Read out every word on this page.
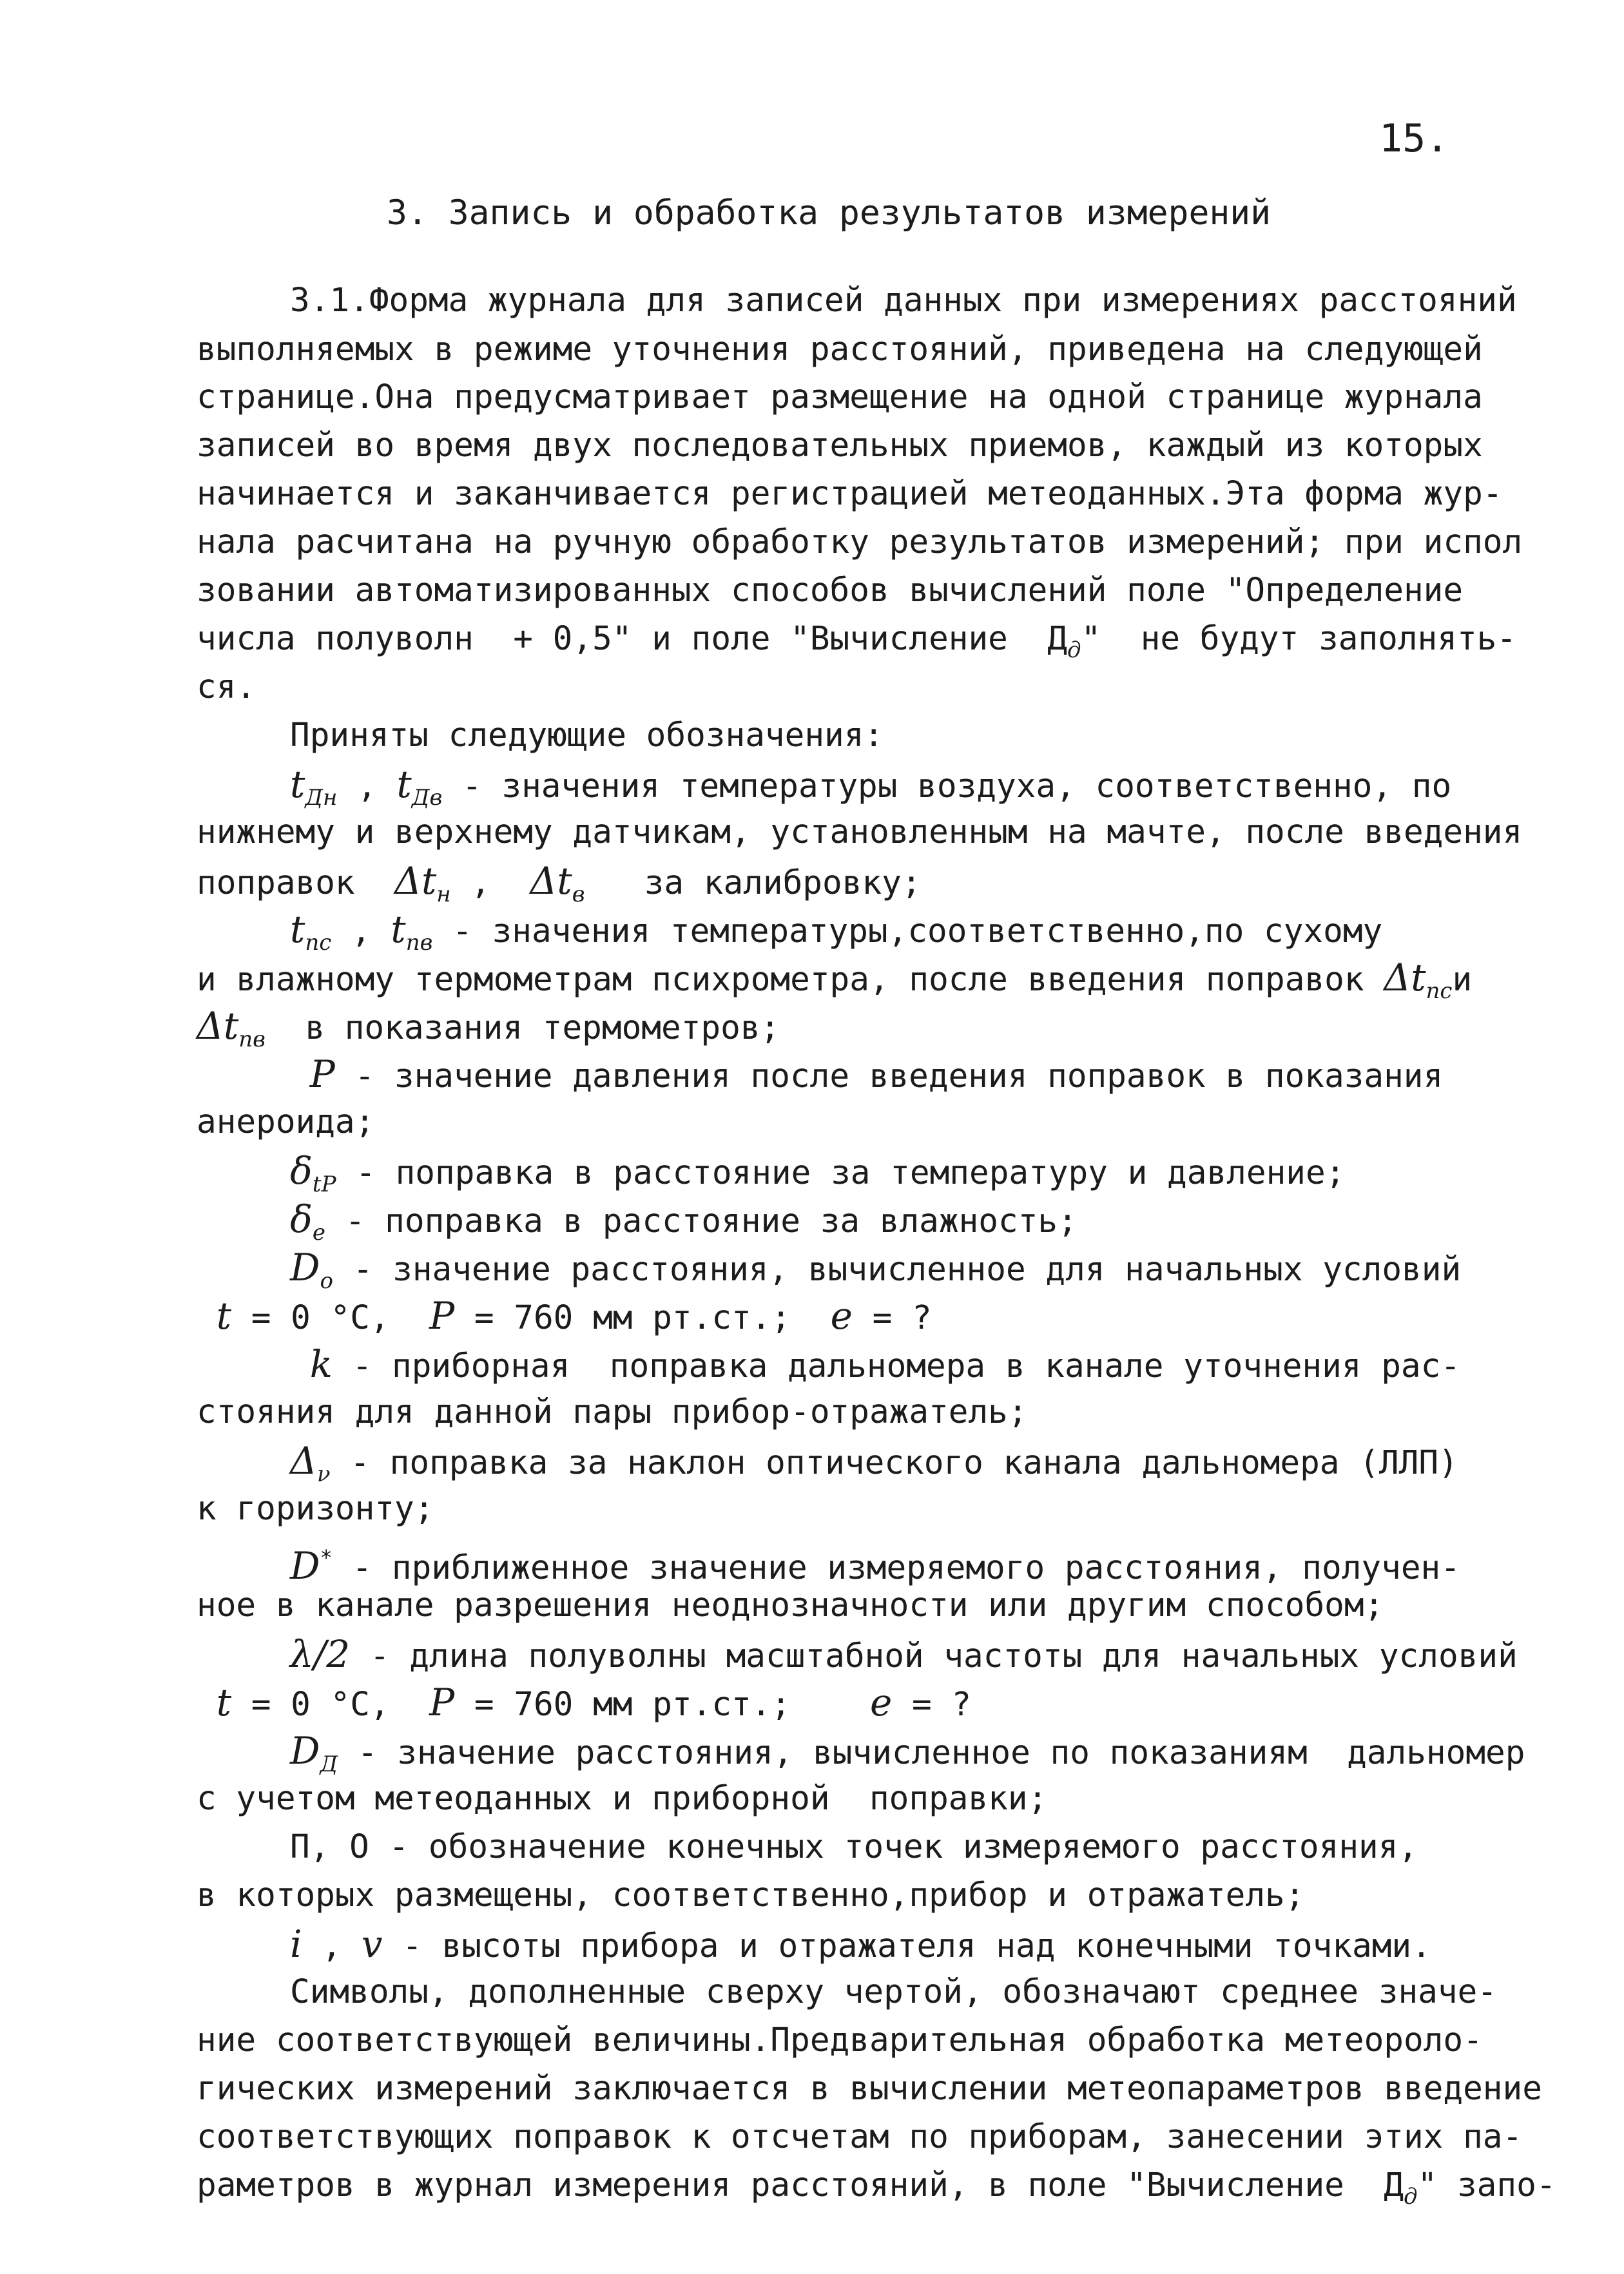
15.
3. Запись и обработка результатов измерений
3.1.Форма журнала для записей данных при измерениях расстояний
выполняемых в режиме уточнения расстояний, приведена на следующей
странице.Она предусматривает размещение на одной странице журнала
записей во время двух последовательных приемов, каждый из которых
начинается и заканчивается регистрацией метеоданных.Эта форма жур-
нала расчитана на ручную обработку результатов измерений; при испол
зовании автоматизированных способов вычислений поле "Определение
числа полуволн  + 0,5" и поле "Вычисление  $Д_д$"  не будут заполнять-
ся.
Приняты следующие обозначения:
$t_{Дн}$ , $t_{Дв}$ - значения температуры воздуха, соответственно, по
нижнему и верхнему датчикам, установленным на мачте, после введения
поправок $\Delta t_н$ , $\Delta t_в$ за калибровку;
$t_{пс}$ , $t_{пв}$ - значения температуры,соответственно,по сухому
и влажному термометрам психрометра, после введения поправок $\Delta t_{пс}и$
$\Delta t_{пв}$ в показания термометров;
P - значение давления после введения поправок в показания
анероида;
$\delta_{tP}$ - поправка в расстояние за температуру и давление;
$\delta_e$ - поправка в расстояние за влажность;
$D_o$ - значение расстояния, вычисленное для начальных условий
t = 0 °С, P = 760 мм рт.ст.; e = ?
k - приборная  поправка дальномера в канале уточнения рас-
стояния для данной пары прибор-отражатель;
$\Delta_\nu$ - поправка за наклон оптического канала дальномера (ЛЛП)
к горизонту;
D* - приближенное значение измеряемого расстояния, получен-
ное в канале разрешения неоднозначности или другим способом;
λ/2 - длина полуволны масштабной частоты для начальных условий
t = 0 °С, P = 760 мм рт.ст.; e = ?
$D_Д$ - значение расстояния, вычисленное по показаниям  дальномер
с учетом метеоданных и приборной  поправки;
П, О - обозначение конечных точек измеряемого расстояния,
в которых размещены, соответственно,прибор и отражатель;
i , v - высоты прибора и отражателя над конечными точками.
Символы, дополненные сверху чертой, обозначают среднее значе-
ние соответствующей величины.Предварительная обработка метеороло-
гических измерений заключается в вычислении метеопараметров введение
соответствующих поправок к отсчетам по приборам, занесении этих па-
раметров в журнал измерения расстояний, в поле "Вычисление  $Д_д$" запо-
